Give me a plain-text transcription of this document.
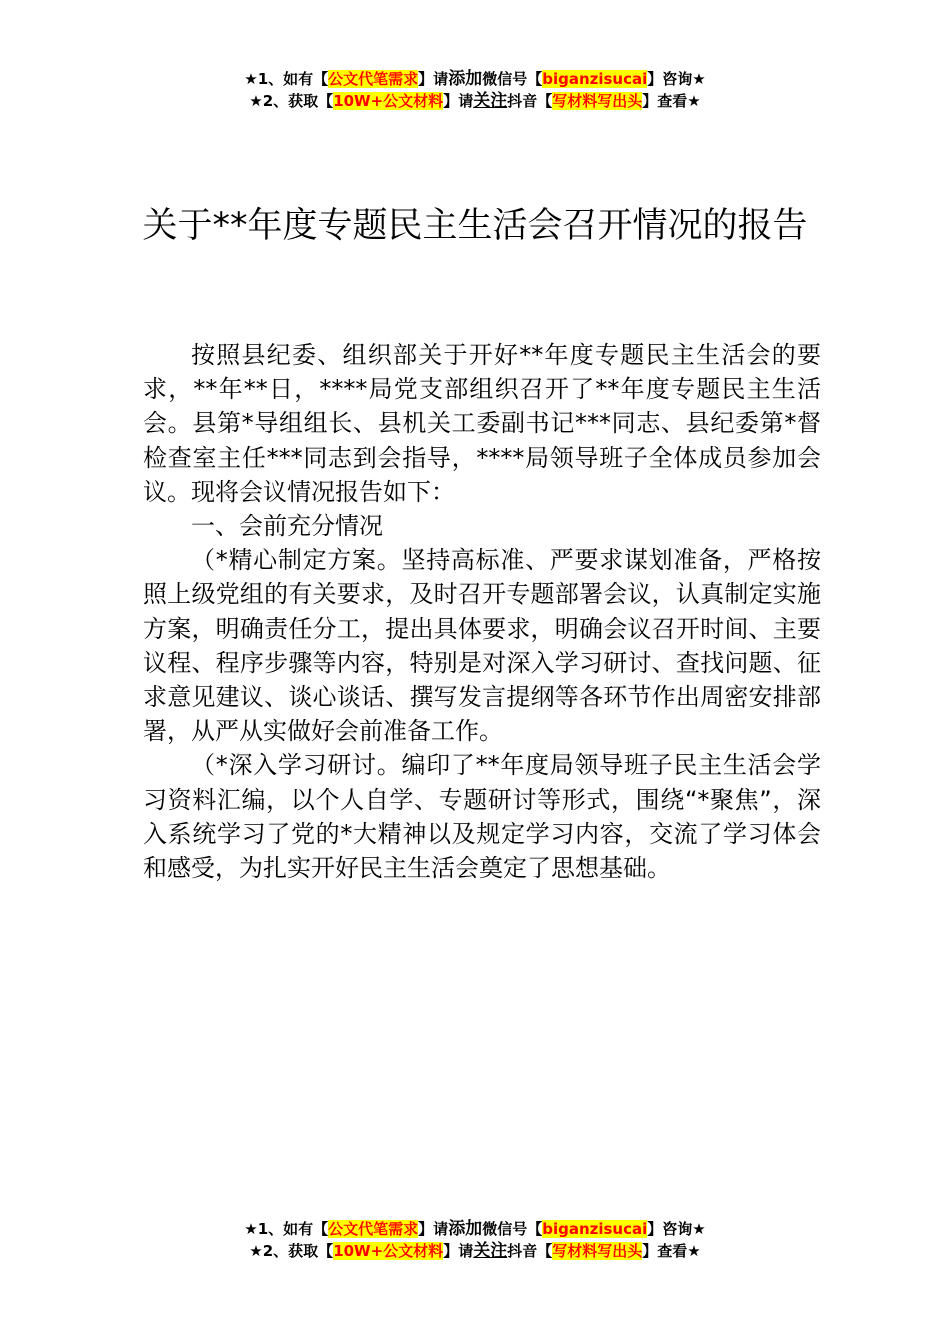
★1、如有【公文代笔需求】请添加微信号【biganzisucai】咨询★
★2、获取【10W+公文材料】请关注抖音【写材料写出头】查看★
关于**年度专题民主生活会召开情况的报告

按照县纪委、组织部关于开好**年度专题民主生活会的要求，**年**日，****局党支部组织召开了**年度专题民主生活会。县第*导组组长、县机关工委副书记***同志、县纪委第*督检查室主任***同志到会指导，****局领导班子全体成员参加会议。现将会议情况报告如下：

一、会前充分情况

（*精心制定方案。坚持高标准、严要求谋划准备，严格按照上级党组的有关要求，及时召开专题部署会议，认真制定实施方案，明确责任分工，提出具体要求，明确会议召开时间、主要议程、程序步骤等内容，特别是对深入学习研讨、查找问题、征求意见建议、谈心谈话、撰写发言提纲等各环节作出周密安排部署，从严从实做好会前准备工作。

（*深入学习研讨。编印了**年度局领导班子民主生活会学习资料汇编，以个人自学、专题研讨等形式，围绕“*聚焦”，深入系统学习了党的*大精神以及规定学习内容，交流了学习体会和感受，为扎实开好民主生活会奠定了思想基础。

★1、如有【公文代笔需求】请添加微信号【biganzisucai】咨询★
★2、获取【10W+公文材料】请关注抖音【写材料写出头】查看★
